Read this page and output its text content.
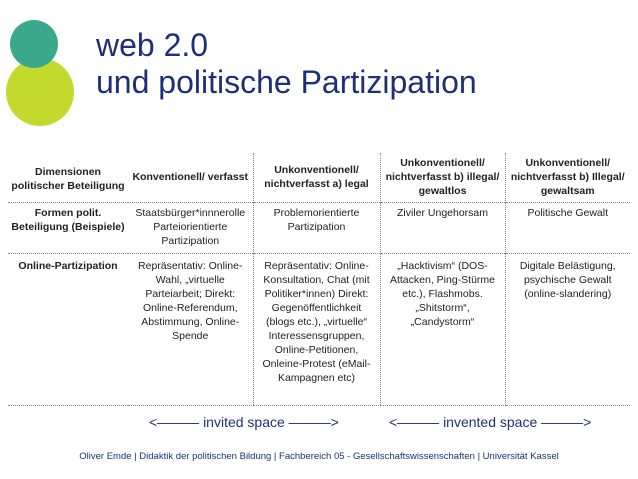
web 2.0
und politische Partizipation
Dimensionen politischer Beteiligung	Konventionell/ verfasst	Unkonventionell/ nichtverfasst a) legal	Unkonventionell/ nichtverfasst b) illegal/ gewaltlos	Unkonventionell/ nichtverfasst b) Illegal/ gewaltsam
Formen polit. Beteiligung (Beispiele)	Staatsbürger*innnerolle Parteiorientierte Partizipation	Problemorientierte Partizipation	Ziviler Ungehorsam	Politische Gewalt
Online-Partizipation	Repräsentativ: Online-Wahl, „virtuelle Parteiarbeit; Direkt: Online-Referendum, Abstimmung, Online-Spende	Repräsentativ: Online-Konsultation, Chat (mit Politiker*innen) Direkt: Gegenöffentlichkeit (blogs etc.), „virtuelle“ Interessensgruppen, Online-Petitionen, Onleine-Protest (eMail-Kampagnen etc)	„Hacktivism“ (DOS-Attacken, Ping-Stürme etc.), Flashmobs. „Shitstorm“, „Candystorm“	Digitale Belästigung, psychische Gewalt (online-slandering)
<——— invited space ———>	<——— invented space ———>
Oliver Emde | Didaktik der politischen Bildung | Fachbereich 05 - Gesellschaftswissenschaften | Universität Kassel
